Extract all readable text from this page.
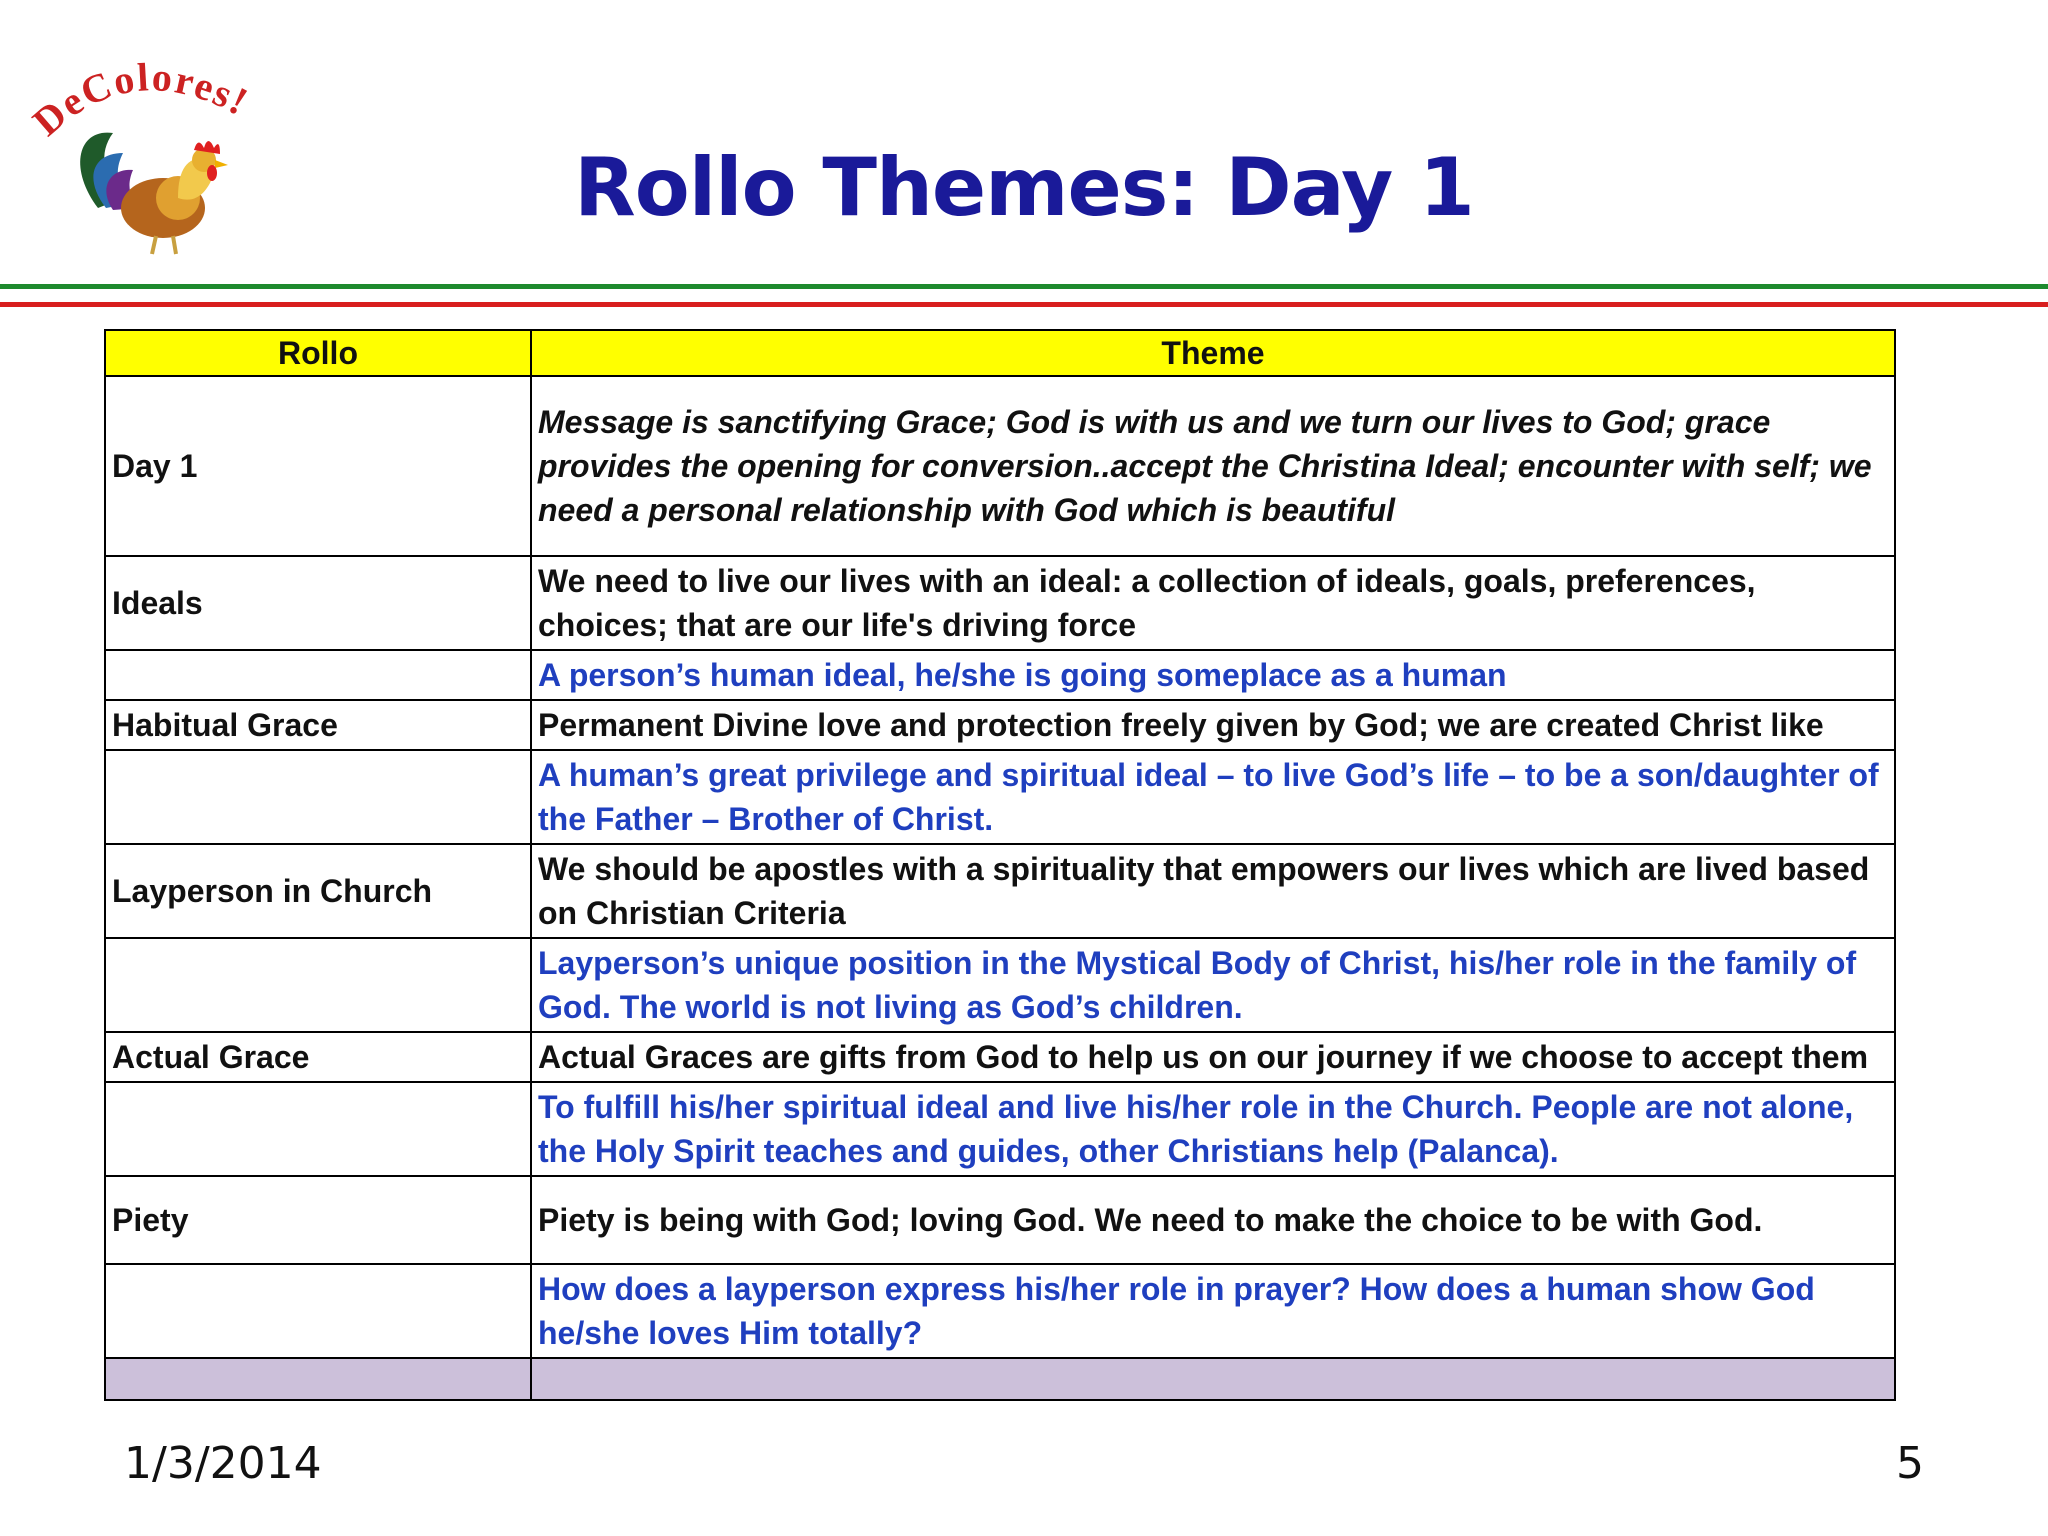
DeColores!
Rollo Themes: Day 1
Rollo	Theme
Day 1	Message is sanctifying Grace; God is with us and we turn our lives to God; grace provides the opening for conversion..accept the Christina Ideal; encounter with self; we need a personal relationship with God which is beautiful
Ideals	We need to live our lives with an ideal: a collection of ideals, goals, preferences, choices; that are our life's driving force
	A person’s human ideal, he/she is going someplace as a human
Habitual Grace	Permanent Divine love and protection freely given by God; we are created Christ like
	A human’s great privilege and spiritual ideal – to live God’s life – to be a son/daughter of the Father – Brother of Christ.
Layperson in Church	We should be apostles with a spirituality that empowers our lives which are lived based on Christian Criteria
	Layperson’s unique position in the Mystical Body of Christ, his/her role in the family of God. The world is not living as God’s children.
Actual Grace	Actual Graces are gifts from God to help us on our journey if we choose to accept them
	To fulfill his/her spiritual ideal and live his/her role in the Church. People are not alone, the Holy Spirit teaches and guides, other Christians help (Palanca).
Piety	Piety is being with God; loving God. We need to make the choice to be with God.
	How does a layperson express his/her role in prayer? How does a human show God he/she loves Him totally?

1/3/2014	5
